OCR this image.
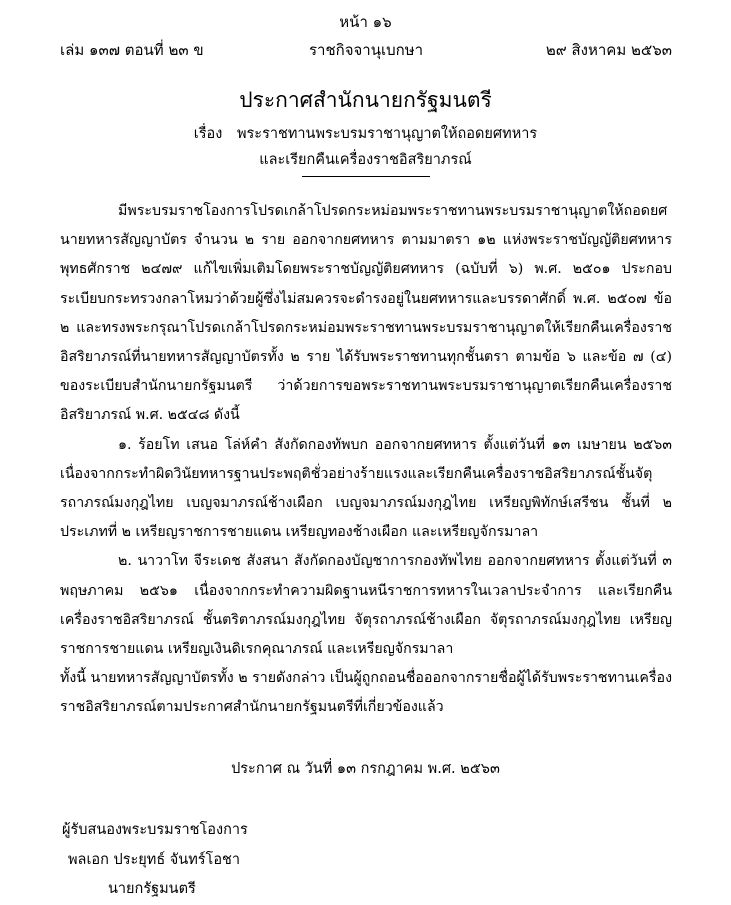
หน้า ๑๖
เล่ม ๑๓๗ ตอนที่ ๒๓ ข	ราชกิจจานุเบกษา	๒๙ สิงหาคม ๒๕๖๓
ประกาศสำนักนายกรัฐมนตรี
เรื่อง พระราชทานพระบรมราชานุญาตให้ถอดยศทหาร
และเรียกคืนเครื่องราชอิสริยาภรณ์

มีพระบรมราชโองการโปรดเกล้าโปรดกระหม่อมพระราชทานพระบรมราชานุญาตให้ถอดยศนายทหารสัญญาบัตร จำนวน ๒ ราย ออกจากยศทหาร ตามมาตรา ๑๒ แห่งพระราชบัญญัติยศทหาร พุทธศักราช ๒๔๗๙ แก้ไขเพิ่มเติมโดยพระราชบัญญัติยศทหาร (ฉบับที่ ๖) พ.ศ. ๒๕๐๑ ประกอบระเบียบกระทรวงกลาโหมว่าด้วยผู้ซึ่งไม่สมควรจะดำรงอยู่ในยศทหารและบรรดาศักดิ์ พ.ศ. ๒๕๐๗ ข้อ ๒ และทรงพระกรุณาโปรดเกล้าโปรดกระหม่อมพระราชทานพระบรมราชานุญาตให้เรียกคืนเครื่องราชอิสริยาภรณ์ที่นายทหารสัญญาบัตรทั้ง ๒ ราย ได้รับพระราชทานทุกชั้นตรา ตามข้อ ๖ และข้อ ๗ (๔) ของระเบียบสำนักนายกรัฐมนตรี ว่าด้วยการขอพระราชทานพระบรมราชานุญาตเรียกคืนเครื่องราชอิสริยาภรณ์ พ.ศ. ๒๕๔๘ ดังนี้

๑. ร้อยโท เสนอ โล่ห์คำ สังกัดกองทัพบก ออกจากยศทหาร ตั้งแต่วันที่ ๑๓ เมษายน ๒๕๖๓ เนื่องจากกระทำผิดวินัยทหารฐานประพฤติชั่วอย่างร้ายแรงและเรียกคืนเครื่องราชอิสริยาภรณ์ชั้นจัตุรถาภรณ์มงกุฎไทย เบญจมาภรณ์ช้างเผือก เบญจมาภรณ์มงกุฎไทย เหรียญพิทักษ์เสรีชน ชั้นที่ ๒ ประเภทที่ ๒ เหรียญราชการชายแดน เหรียญทองช้างเผือก และเหรียญจักรมาลา

๒. นาวาโท จีระเดช สังสนา สังกัดกองบัญชาการกองทัพไทย ออกจากยศทหาร ตั้งแต่วันที่ ๓ พฤษภาคม ๒๕๖๑ เนื่องจากกระทำความผิดฐานหนีราชการทหารในเวลาประจำการ และเรียกคืนเครื่องราชอิสริยาภรณ์ ชั้นตริตาภรณ์มงกุฎไทย จัตุรถาภรณ์ช้างเผือก จัตุรถาภรณ์มงกุฎไทย เหรียญราชการชายแดน เหรียญเงินดิเรกคุณาภรณ์ และเหรียญจักรมาลา

ทั้งนี้ นายทหารสัญญาบัตรทั้ง ๒ รายดังกล่าว เป็นผู้ถูกถอนชื่อออกจากรายชื่อผู้ได้รับพระราชทานเครื่องราชอิสริยาภรณ์ตามประกาศสำนักนายกรัฐมนตรีที่เกี่ยวข้องแล้ว

ประกาศ ณ วันที่ ๑๓ กรกฎาคม พ.ศ. ๒๕๖๓
ผู้รับสนองพระบรมราชโองการ
พลเอก ประยุทธ์ จันทร์โอชา
นายกรัฐมนตรี
